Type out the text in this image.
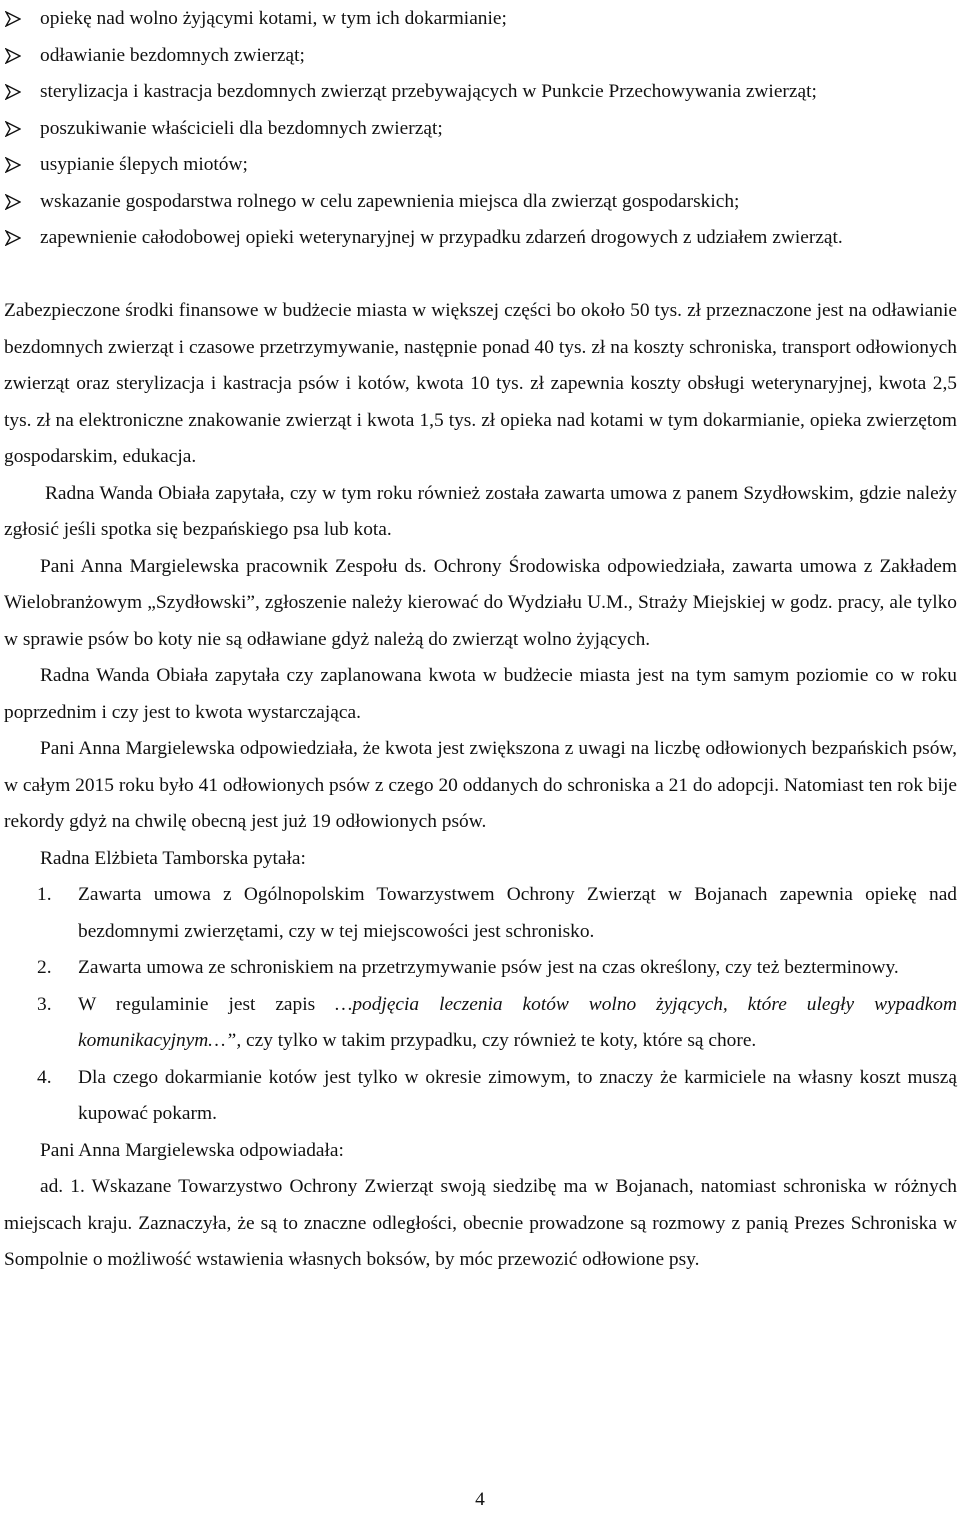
opiekę nad wolno żyjącymi kotami, w tym ich dokarmianie;
odławianie bezdomnych zwierząt;
sterylizacja i kastracja bezdomnych zwierząt przebywających w Punkcie Przechowywania zwierząt;
poszukiwanie właścicieli dla bezdomnych zwierząt;
usypianie ślepych miotów;
wskazanie gospodarstwa rolnego w celu zapewnienia miejsca dla zwierząt gospodarskich;
zapewnienie całodobowej opieki weterynaryjnej w przypadku zdarzeń drogowych z udziałem zwierząt.

Zabezpieczone środki finansowe w budżecie miasta w większej części bo około 50 tys. zł przeznaczone jest na odławianie bezdomnych zwierząt i czasowe przetrzymywanie, następnie ponad 40 tys. zł na koszty schroniska, transport odłowionych zwierząt oraz sterylizacja i kastracja psów i kotów, kwota 10 tys. zł zapewnia koszty obsługi weterynaryjnej, kwota 2,5 tys. zł na elektroniczne znakowanie zwierząt i kwota 1,5 tys. zł opieka nad kotami w tym dokarmianie, opieka zwierzętom gospodarskim, edukacja.

Radna Wanda Obiała zapytała, czy w tym roku również została zawarta umowa z panem Szydłowskim, gdzie należy zgłosić jeśli spotka się bezpańskiego psa lub kota.

Pani Anna Margielewska pracownik Zespołu ds. Ochrony Środowiska odpowiedziała, zawarta umowa z Zakładem Wielobranżowym „Szydłowski”, zgłoszenie należy kierować do Wydziału U.M., Straży Miejskiej w godz. pracy, ale tylko w sprawie psów bo koty nie są odławiane gdyż należą do zwierząt wolno żyjących.

Radna Wanda Obiała zapytała czy zaplanowana kwota w budżecie miasta jest na tym samym poziomie co w roku poprzednim i czy jest to kwota wystarczająca.

Pani Anna Margielewska odpowiedziała, że kwota jest zwiększona z uwagi na liczbę odłowionych bezpańskich psów, w całym 2015 roku było 41 odłowionych psów z czego 20 oddanych do schroniska a 21 do adopcji. Natomiast ten rok bije rekordy gdyż na chwilę obecną jest już 19 odłowionych psów.

Radna Elżbieta Tamborska pytała:

1. Zawarta umowa z Ogólnopolskim Towarzystwem Ochrony Zwierząt w Bojanach zapewnia opiekę nad bezdomnymi zwierzętami, czy w tej miejscowości jest schronisko.
2. Zawarta umowa ze schroniskiem na przetrzymywanie psów jest na czas określony, czy też bezterminowy.
3. W regulaminie jest zapis …podjęcia leczenia kotów wolno żyjących, które uległy wypadkom komunikacyjnym…”, czy tylko w takim przypadku, czy również te koty, które są chore.
4. Dla czego dokarmianie kotów jest tylko w okresie zimowym, to znaczy że karmiciele na własny koszt muszą kupować pokarm.

Pani Anna Margielewska odpowiadała:

ad. 1. Wskazane Towarzystwo Ochrony Zwierząt swoją siedzibę ma w Bojanach, natomiast schroniska w różnych miejscach kraju. Zaznaczyła, że są to znaczne odległości, obecnie prowadzone są rozmowy z panią Prezes Schroniska w Sompolnie o możliwość wstawienia własnych boksów, by móc przewozić odłowione psy.

4
